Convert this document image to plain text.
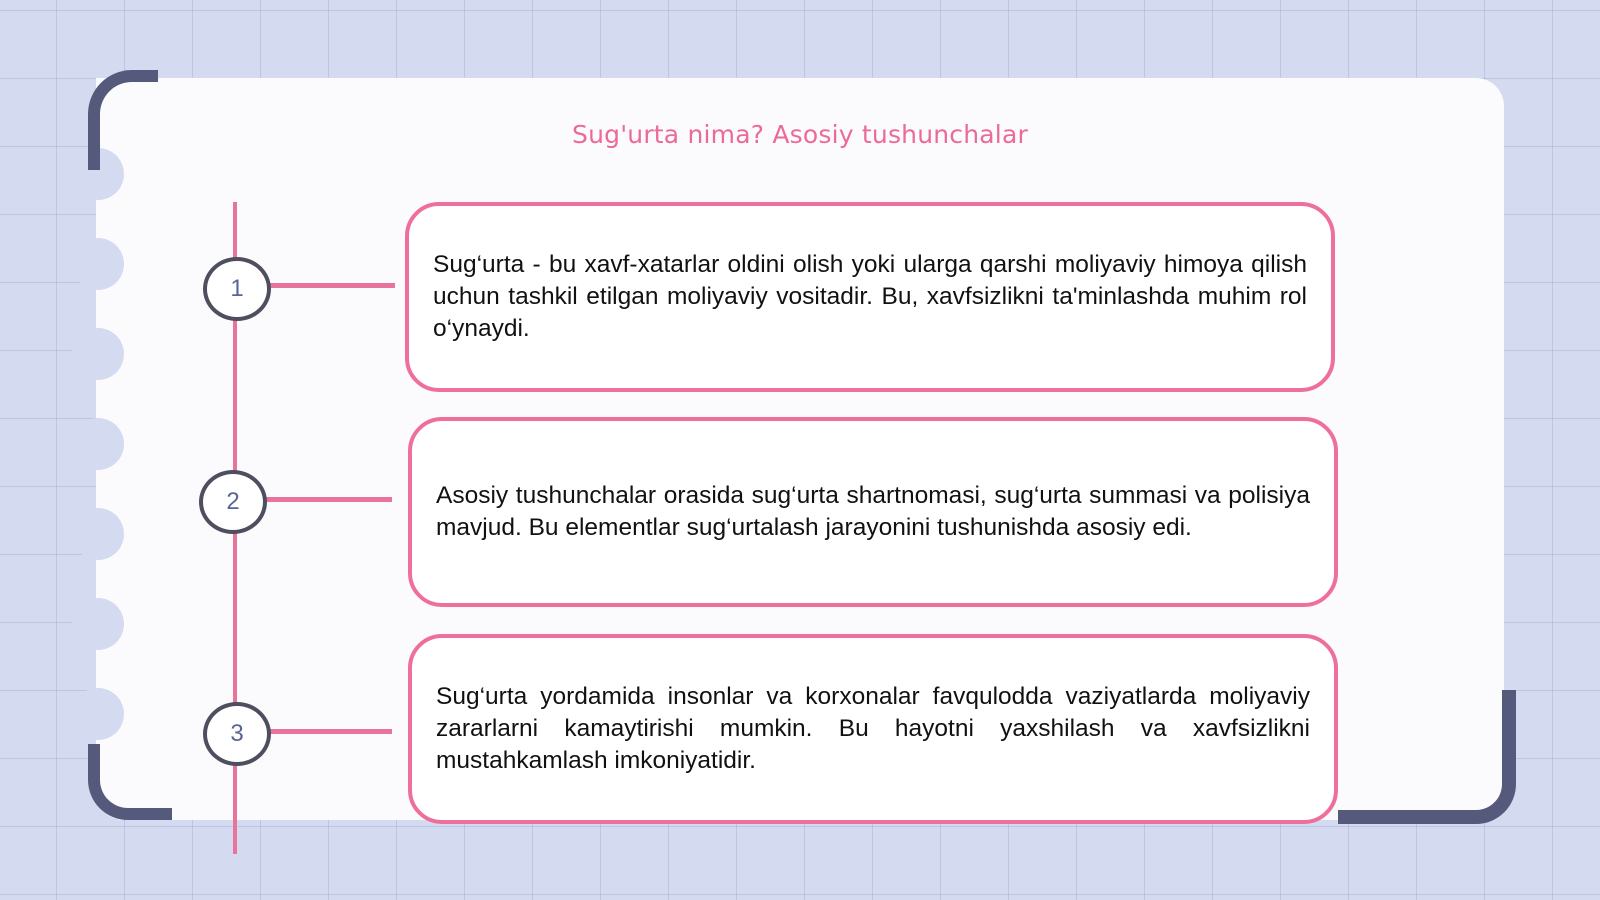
Sug'urta nima? Asosiy tushunchalar
1

Sug‘urta - bu xavf-xatarlar oldini olish yoki ularga qarshi moliyaviy himoya qilish uchun tashkil etilgan moliyaviy vositadir. Bu, xavfsizlikni ta'minlashda muhim rol o‘ynaydi.

2	Asosiy tushunchalar orasida sug‘urta shartnomasi, sug‘urta summasi va polisiya mavjud. Bu elementlar sug‘urtalash jarayonini tushunishda asosiy edi.

3

Sug‘urta yordamida insonlar va korxonalar favqulodda vaziyatlarda moliyaviy zararlarni kamaytirishi mumkin. Bu hayotni yaxshilash va xavfsizlikni mustahkamlash imkoniyatidir.
